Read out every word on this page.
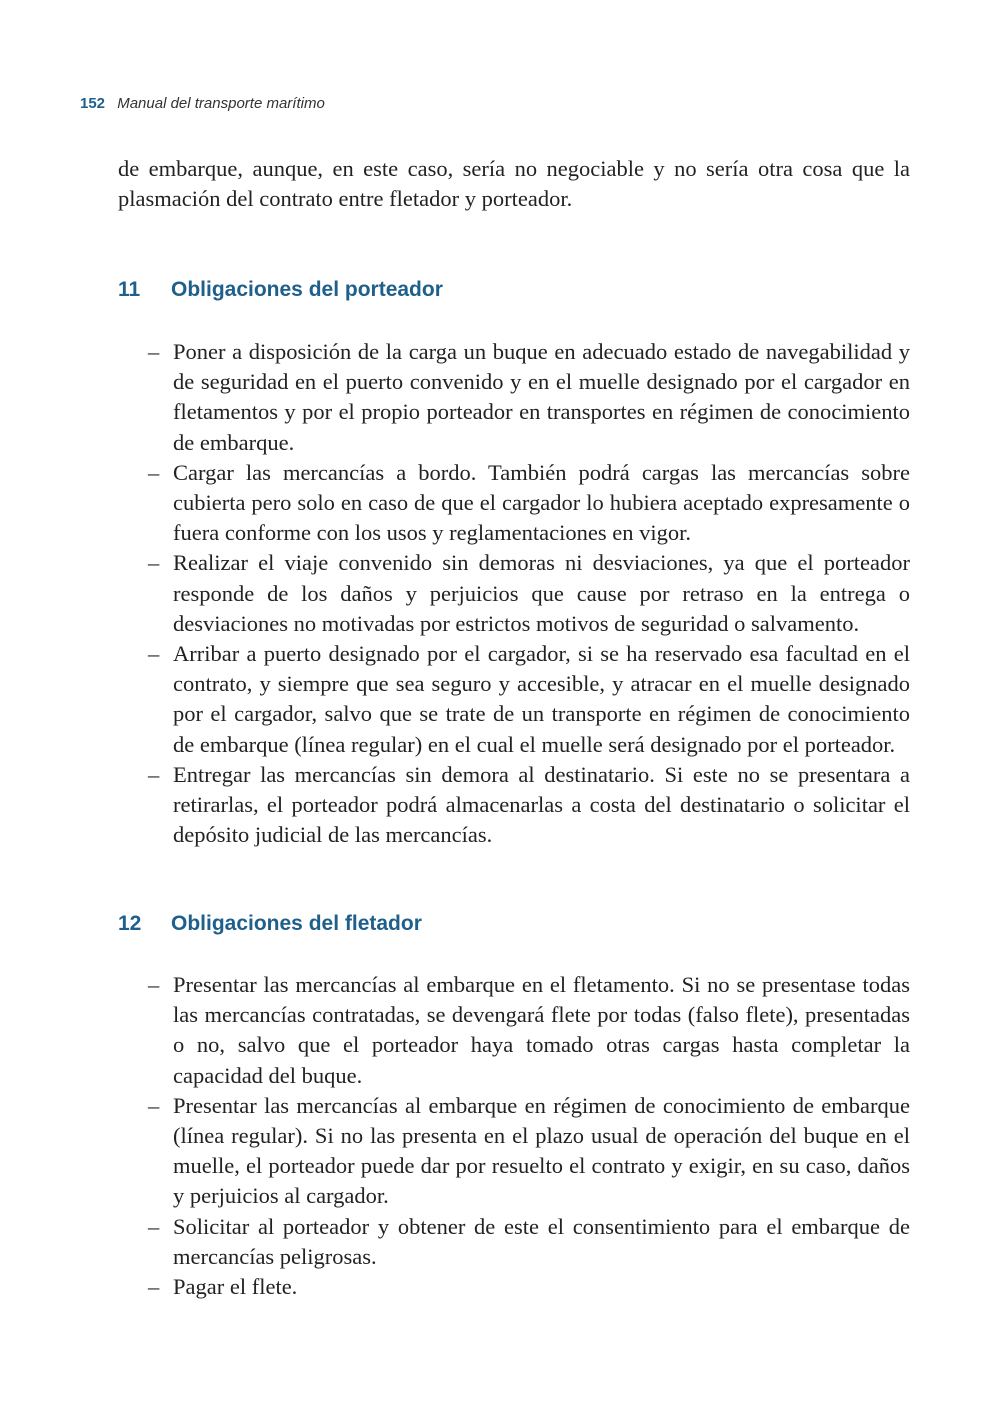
152 Manual del transporte marítimo

de embarque, aunque, en este caso, sería no negociable y no sería otra cosa que la plasmación del contrato entre fletador y porteador.

11 Obligaciones del porteador
– Poner a disposición de la carga un buque en adecuado estado de navegabilidad y de seguridad en el puerto convenido y en el muelle designado por el cargador en fletamentos y por el propio porteador en transportes en régimen de conocimiento de embarque.
– Cargar las mercancías a bordo. También podrá cargas las mercancías sobre cubierta pero solo en caso de que el cargador lo hubiera aceptado expresamente o fuera conforme con los usos y reglamentaciones en vigor.
– Realizar el viaje convenido sin demoras ni desviaciones, ya que el porteador responde de los daños y perjuicios que cause por retraso en la entrega o desviaciones no motivadas por estrictos motivos de seguridad o salvamento.
– Arribar a puerto designado por el cargador, si se ha reservado esa facultad en el contrato, y siempre que sea seguro y accesible, y atracar en el muelle designado por el cargador, salvo que se trate de un transporte en régimen de conocimiento de embarque (línea regular) en el cual el muelle será designado por el porteador.
– Entregar las mercancías sin demora al destinatario. Si este no se presentara a retirarlas, el porteador podrá almacenarlas a costa del destinatario o solicitar el depósito judicial de las mercancías.
12 Obligaciones del fletador
– Presentar las mercancías al embarque en el fletamento. Si no se presentase todas las mercancías contratadas, se devengará flete por todas (falso flete), presentadas o no, salvo que el porteador haya tomado otras cargas hasta completar la capacidad del buque.
– Presentar las mercancías al embarque en régimen de conocimiento de embarque (línea regular). Si no las presenta en el plazo usual de operación del buque en el muelle, el porteador puede dar por resuelto el contrato y exigir, en su caso, daños y perjuicios al cargador.
– Solicitar al porteador y obtener de este el consentimiento para el embarque de mercancías peligrosas.
– Pagar el flete.
